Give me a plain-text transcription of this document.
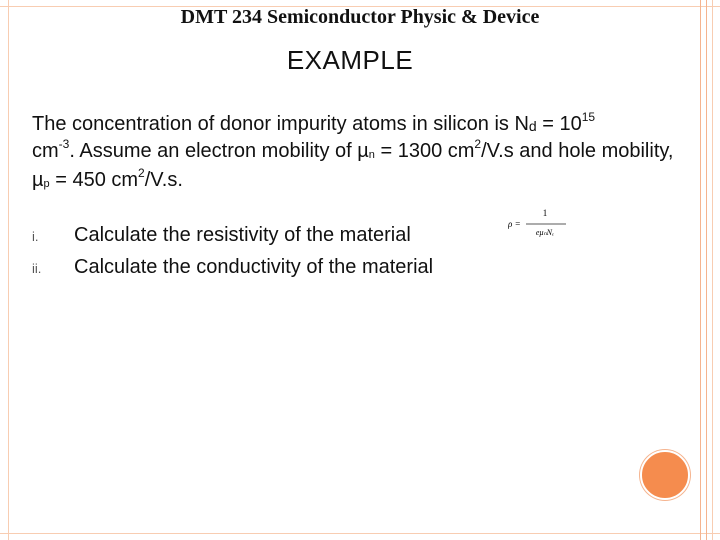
DMT 234 Semiconductor Physic & Device
EXAMPLE
The concentration of donor impurity atoms in silicon is $Nd = 10^{15}$
$cm^{-3}$. Assume an electron mobility of µn = 1300 $cm^2/V.s$ and hole mobility, µp = 450 $cm^2/V.s$.
i.	Calculate the resistivity of the material
ii.	Calculate the conductivity of the material
ρ =
1
eμₙNₑ
